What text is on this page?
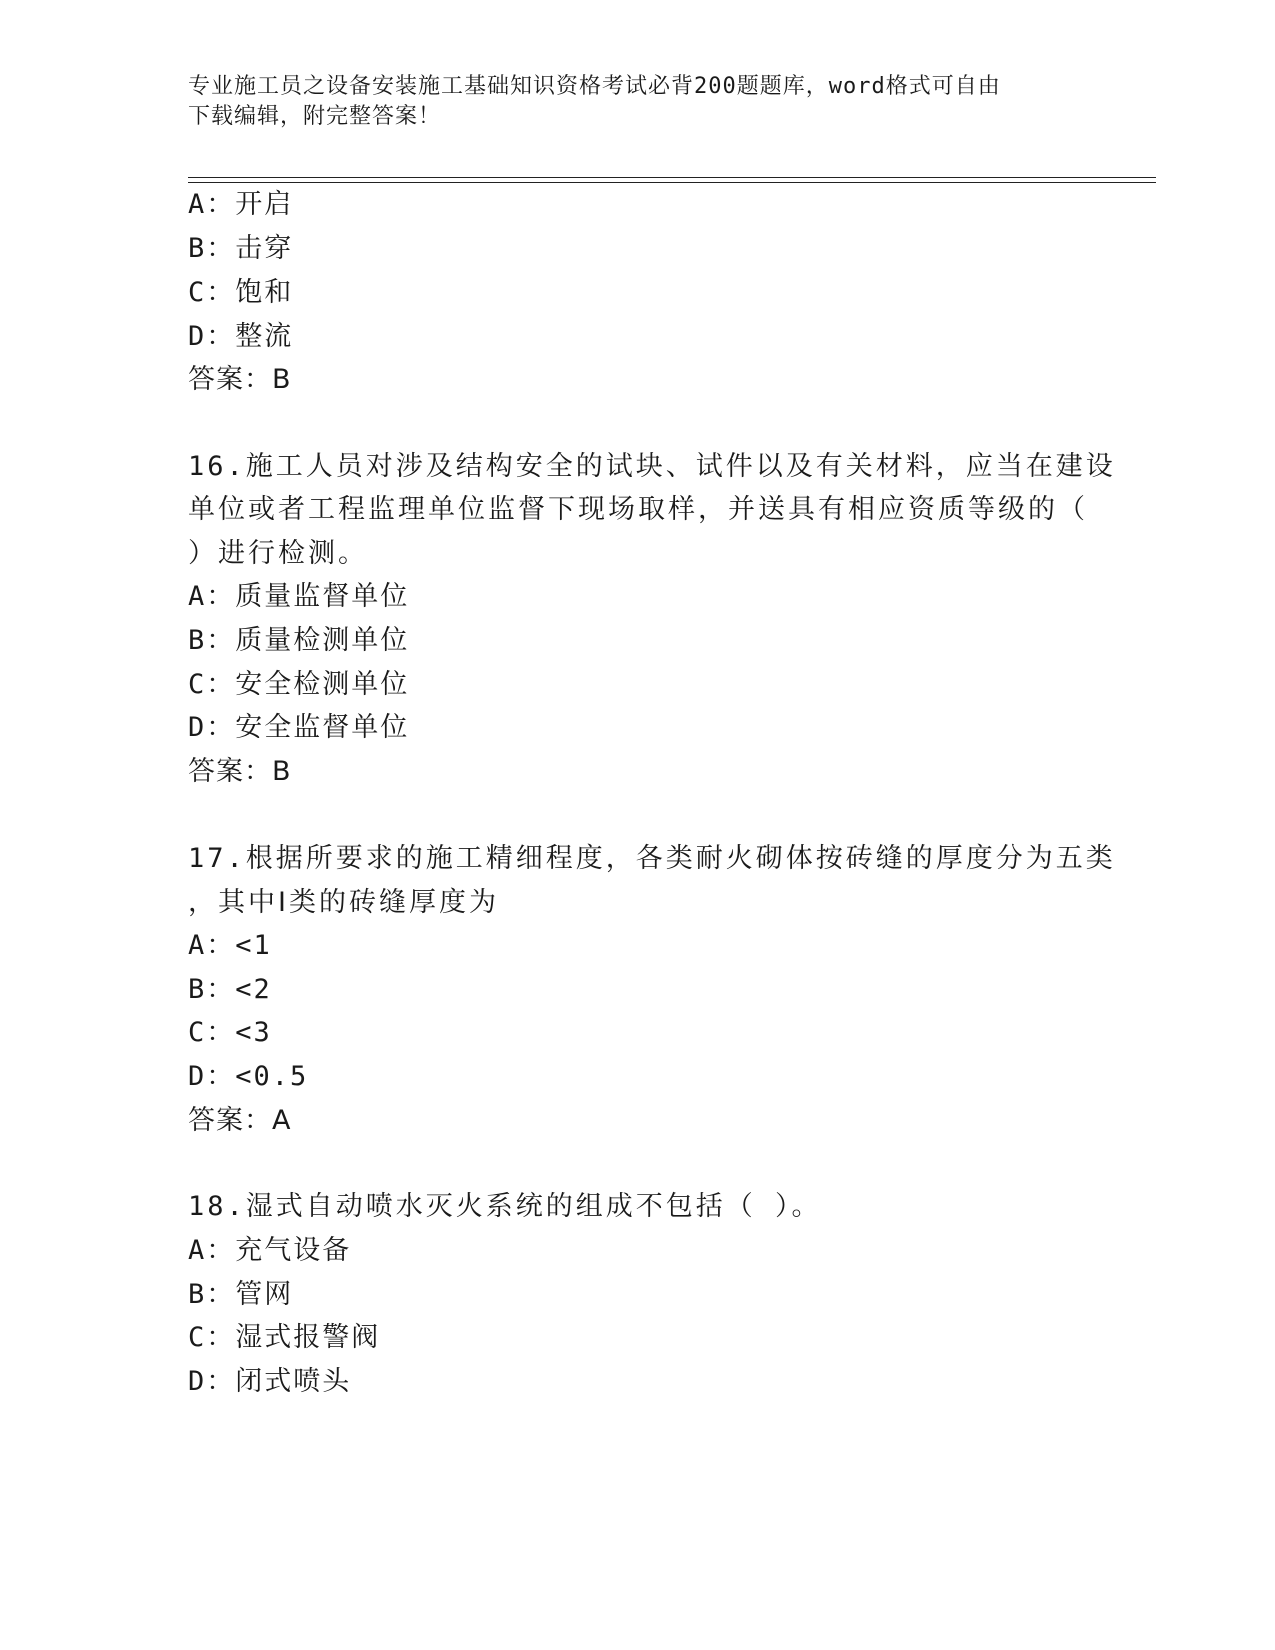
专业施工员之设备安装施工基础知识资格考试必背200题题库，word格式可自由
下载编辑，附完整答案！
A：开启
B：击穿
C：饱和
D：整流
答案：B
16.施工人员对涉及结构安全的试块、试件以及有关材料，应当在建设
单位或者工程监理单位监督下现场取样，并送具有相应资质等级的（
）进行检测。
A：质量监督单位
B：质量检测单位
C：安全检测单位
D：安全监督单位
答案：B
17.根据所要求的施工精细程度，各类耐火砌体按砖缝的厚度分为五类
，其中Ⅰ类的砖缝厚度为
A：<1
B：<2
C：<3
D：<0.5
答案：A
18.湿式自动喷水灭火系统的组成不包括（ ）。
A：充气设备
B：管网
C：湿式报警阀
D：闭式喷头
